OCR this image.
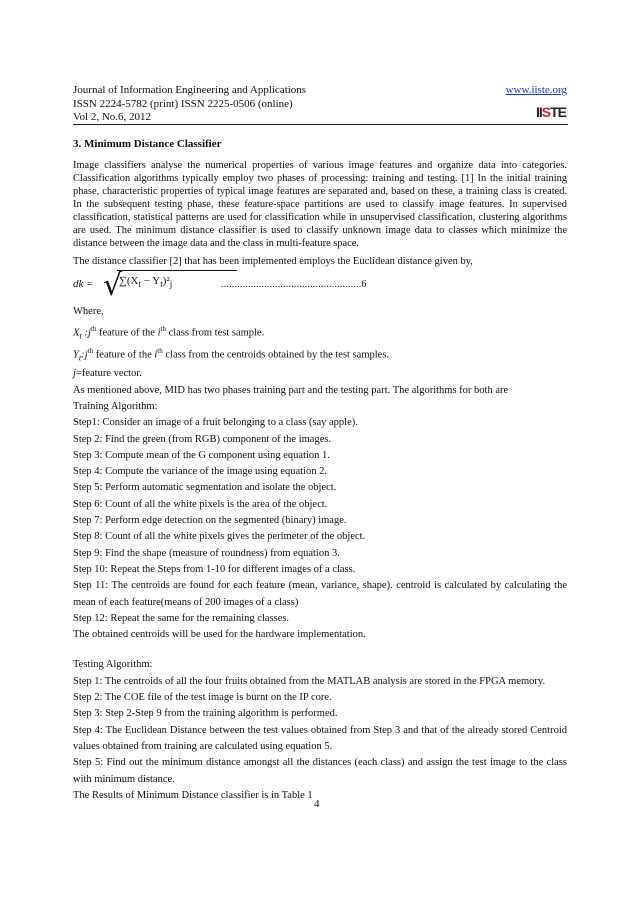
Journal of Information Engineering and Applications
ISSN 2224-5782 (print) ISSN 2225-0506 (online)
Vol 2, No.6, 2012
www.iiste.org
IISTE
3. Minimum Distance Classifier

Image classifiers analyse the numerical properties of various image features and organize data into categories. Classification algorithms typically employ two phases of processing: training and testing. [1] In the initial training phase, characteristic properties of typical image features are separated and, based on these, a training class is created. In the subsequent testing phase, these feature-space partitions are used to classify image features. In supervised classification, statistical patterns are used for classification while in unsupervised classification, clustering algorithms are used. The minimum distance classifier is used to classify unknown image data to classes which minimize the distance between the image data and the class in multi-feature space.

The distance classifier [2] that has been implemented employs the Euclidean distance given by,
dk = √
$\sum(X_t - Y_t)^2_j$	....................................................6
Where,
$X_t$ $:j^{th}$ feature of the $i^{th}$ class from test sample.
$Y_t:j^{th}$ feature of the $i^{th}$ class from the centroids obtained by the test samples.
j=feature vector.
As mentioned above, MID has two phases training part and the testing part. The algorithms for both are
Training Algorithm:
Step1: Consider an image of a fruit belonging to a class (say apple).
Step 2: Find the green (from RGB) component of the images.
Step 3: Compute mean of the G component using equation 1.
Step 4: Compute the variance of the image using equation 2.
Step 5: Perform automatic segmentation and isolate the object.
Step 6: Count of all the white pixels is the area of the object.
Step 7: Perform edge detection on the segmented (binary) image.
Step 8: Count of all the white pixels gives the perimeter of the object.
Step 9: Find the shape (measure of roundness) from equation 3.
Step 10: Repeat the Steps from 1-10 for different images of a class.
Step 11: The centroids are found for each feature (mean, variance, shape). centroid is calculated by calculating the mean of each feature(means of 200 images of a class)
Step 12: Repeat the same for the remaining classes.
The obtained centroids will be used for the hardware implementation.
Testing Algorithm:
Step 1: The centroids of all the four fruits obtained from the MATLAB analysis are stored in the FPGA memory.
Step 2: The COE file of the test image is burnt on the IP core.
Step 3: Step 2-Step 9 from the training algorithm is performed.
Step 4: The Euclidean Distance between the test values obtained from Step 3 and that of the already stored Centroid values obtained from training are calculated using equation 5.
Step 5: Find out the minimum distance amongst all the distances (each class) and assign the test image to the class with minimum distance.
The Results of Minimum Distance classifier is in Table 1
4
